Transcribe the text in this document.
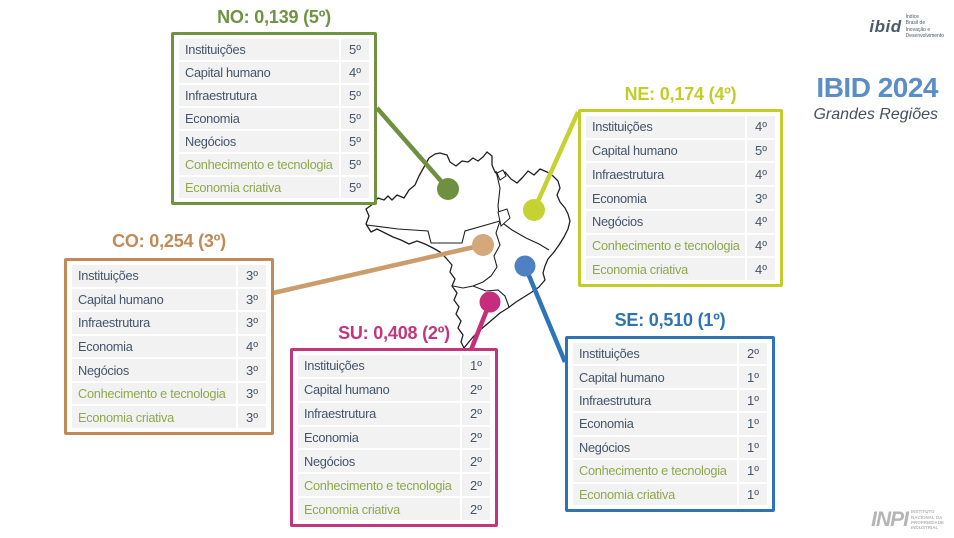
NO: 0,139 (5º)
Instituições	5º
Capital humano	4º
Infraestrutura	5º
Economia	5º
Negócios	5º
Conhecimento e tecnologia	5º
Economia criativa	5º
NE: 0,174 (4º)
Instituições	4º
Capital humano	5º
Infraestrutura	4º
Economia	3º
Negócios	4º
Conhecimento e tecnologia	4º
Economia criativa	4º
CO: 0,254 (3º)
Instituições	3º
Capital humano	3º
Infraestrutura	3º
Economia	4º
Negócios	3º
Conhecimento e tecnologia	3º
Economia criativa	3º
SU: 0,408 (2º)
Instituições	1º
Capital humano	2º
Infraestrutura	2º
Economia	2º
Negócios	2º
Conhecimento e tecnologia	2º
Economia criativa	2º
SE: 0,510 (1º)
Instituições	2º
Capital humano	1º
Infraestrutura	1º
Economia	1º
Negócios	1º
Conhecimento e tecnologia	1º
Economia criativa	1º
ibid Índice
Brasil de
Inovação e
Desenvolvimento
IBID 2024
Grandes Regiões
INPI INSTITUTO
NACIONAL DA
PROPRIEDADE
INDUSTRIAL
